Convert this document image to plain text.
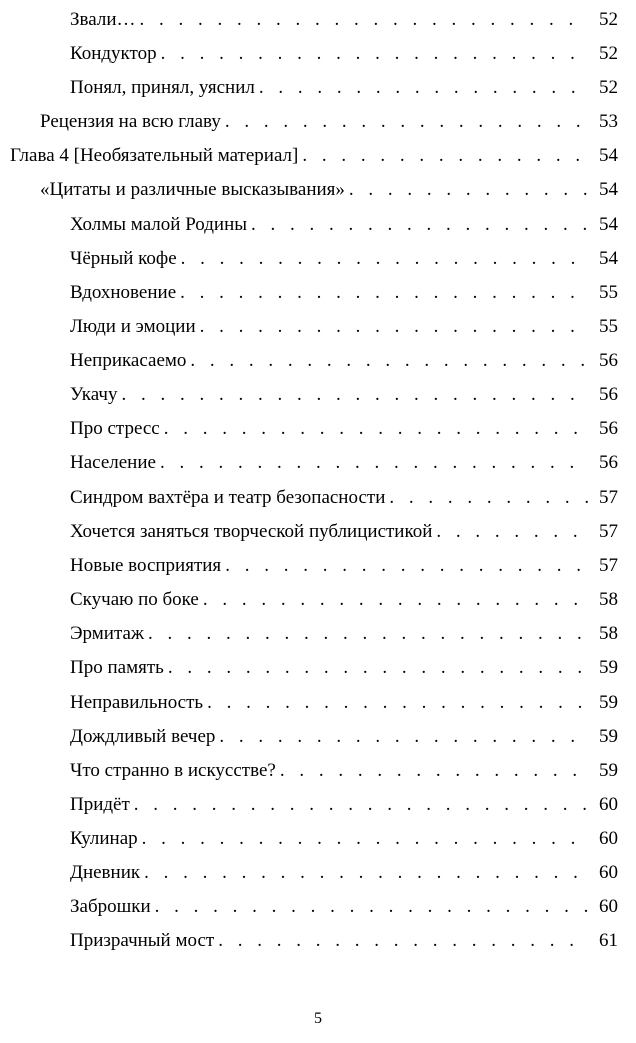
Звали… . . .	52
Кондуктор . . .	52
Понял, принял, уяснил . . .	52
Рецензия на всю главу . . .	53
Глава 4 [Необязательный материал] . . .	54
«Цитаты и различные высказывания» . . .	54
Холмы малой Родины . . .	54
Чёрный кофе . . .	54
Вдохновение . . .	55
Люди и эмоции . . .	55
Неприкасаемо . . .	56
Укачу . . .	56
Про стресс . . .	56
Население . . .	56
Синдром вахтёра и театр безопасности . . .	57
Хочется заняться творческой публицистикой . . .	57
Новые восприятия . . .	57
Скучаю по боке . . .	58
Эрмитаж . . .	58
Про память . . .	59
Неправильность . . .	59
Дождливый вечер . . .	59
Что странно в искусстве? . . .	59
Придёт . . .	60
Кулинар . . .	60
Дневник . . .	60
Заброшки . . .	60
Призрачный мост . . .	61
5
